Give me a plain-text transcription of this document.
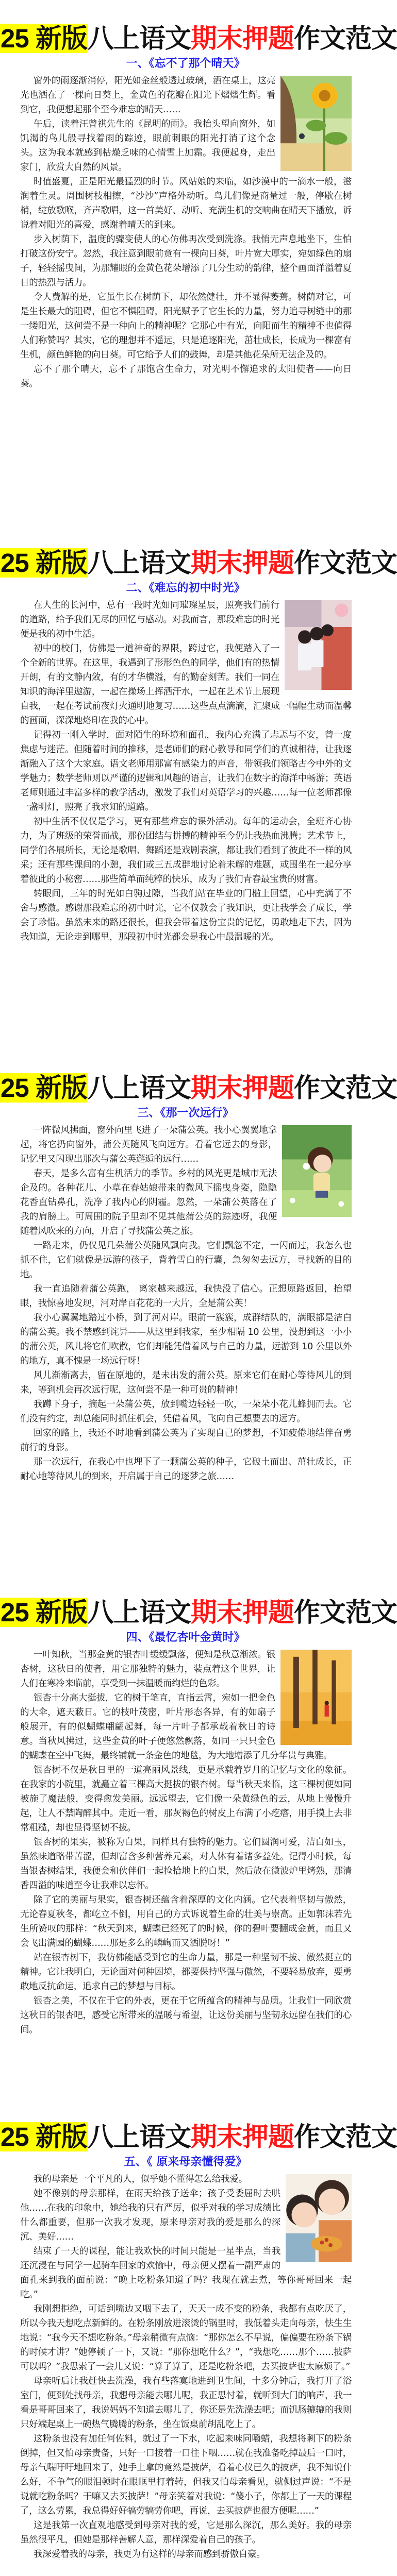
25 新版八上语文期末押题作文范文
一、《忘不了那个晴天》

窗外的雨逐渐消停，阳光如金丝般透过玻璃，洒在桌上，这亮光也洒在了一棵向日葵上，金黄色的花瓣在阳光下熠熠生辉。看到它，我便想起那个至今难忘的晴天……

午后，读着汪曾祺先生的《昆明的雨》。我抬头望向窗外，如饥渴的鸟儿般寻找着雨的踪迹，眼前刺眼的阳光打消了这个念头。这为我本就感到枯燥乏味的心情雪上加霜。我便起身，走出家门，欣赏大自然的风景。

时值盛夏，正是阳光最猛烈的时节。风姑娘的来临，如沙漠中的一滴水一般，滋润着生灵。周围树枝相擦，“沙沙”声格外动听。鸟儿们像是商量过一般，停歇在树梢，绽放歌喉，齐声歌唱，这一首美好、动听、充满生机的交响曲在晴天下播放，诉说着对阳光的喜爱，感谢着晴天的到来。

步入树荫下，温度的骤变使人的心仿佛再次受到洗涤。我悄无声息地坐下，生怕打破这份安宁。忽然，我注意到眼前竟有一棵向日葵，叶片宽大厚实，宛如绿色的扇子，轻轻摇曳间，为那耀眼的金黄色花朵增添了几分生动的韵律，整个画面洋溢着夏日的热烈与活力。

令人费解的是，它虽生长在树荫下，却依然健壮，并不显得萎蔫。树荫对它，可是生长最大的阻碍，但它不惧阻碍，阳光赋予了它生长的力量，努力追寻树缝中的那一缕阳光，这何尝不是一种向上的精神呢？它那心中有光，向阳而生的精神不也值得人们称赞吗？其实，它的理想并不遥远，只是追逐阳光，茁壮成长，长成为一棵富有生机，颜色鲜艳的向日葵。可它给予人们的鼓舞，却是其他花朵所无法企及的。

忘不了那个晴天，忘不了那饱含生命力，对光明不懈追求的太阳使者——向日葵。

25 新版八上语文期末押题作文范文
二、《难忘的初中时光》

在人生的长河中，总有一段时光如同璀璨星辰，照亮我们前行的道路，给予我们无尽的回忆与感动。对我而言，那段难忘的时光便是我的初中生活。

初中的校门，仿佛是一道神奇的界限，跨过它，我便踏入了一个全新的世界。在这里，我遇到了形形色色的同学，他们有的热情开朗，有的文静内敛，有的才华横溢，有的勤奋刻苦。我们一同在知识的海洋里遨游，一起在操场上挥洒汗水，一起在艺术节上展现自我，一起在考试前夜灯火通明地复习……这些点点滴滴，汇聚成一幅幅生动而温馨的画面，深深地烙印在我的心中。

记得初一刚入学时，面对陌生的环境和面孔，我内心充满了忐忑与不安，曾一度焦虑与迷茫。但随着时间的推移，是老师们的耐心教导和同学们的真诚相待，让我逐渐融入了这个大家庭。语文老师用那富有感染力的声音，带领我们领略古今中外的文学魅力；数学老师则以严谨的逻辑和风趣的语言，让我们在数字的海洋中畅游；英语老师则通过丰富多样的教学活动，激发了我们对英语学习的兴趣……每一位老师都像一盏明灯，照亮了我求知的道路。

初中生活不仅仅是学习，更有那些难忘的课外活动。每年的运动会，全班齐心协力，为了班级的荣誉而战，那份团结与拼搏的精神至今仍让我热血沸腾；艺术节上，同学们各展所长，无论是歌唱、舞蹈还是戏剧表演，都让我们看到了彼此不一样的风采；还有那些课间的小憩，我们或三五成群地讨论着未解的难题，或围坐在一起分享着彼此的小秘密……那些简单而纯粹的快乐，成为了我们青春最宝贵的财富。

转眼间，三年的时光如白驹过隙，当我们站在毕业的门槛上回望，心中充满了不舍与感激。感谢那段难忘的初中时光，它不仅教会了我知识，更让我学会了成长，学会了珍惜。虽然未来的路还很长，但我会带着这份宝贵的记忆，勇敢地走下去，因为我知道，无论走到哪里，那段初中时光都会是我心中最温暖的光。

25 新版八上语文期末押题作文范文
三、《那一次远行》

一阵微风拂面，窗外向里飞进了一朵蒲公英。我小心翼翼地拿起，将它扔向窗外，蒲公英随风飞向远方。看着它远去的身影，记忆里又闪现出那次与蒲公英邂逅的远行……

春天，是多么富有生机活力的季节。乡村的风光更是城市无法企及的。各种花儿、小草在春姑娘带来的微风下摇曳身姿，隐隐花香直钻鼻孔，洗净了我内心的阴霾。忽然，一朵蒲公英落在了我的肩膀上。可周围的院子里却不见其他蒲公英的踪迹呀，我便随着风吹来的方向，开启了寻找蒲公英之旅。

一路走来，仍仅见几朵蒲公英随风飘向我。它们飘忽不定，一闪而过，我怎么也抓不住，它们就像是远游的孩子，背着雪白的行囊，急匆匆去远方，寻找新的目的地。

我一直追随着蒲公英跑， 离家越来越远，我快没了信心。正想原路返回，抬望眼，我惊喜地发现，河对岸百花花的一大片，全是蒲公英！

我小心翼翼地踏过小桥，到了河对岸。眼前一簇簇，成群结队的，满眼都是洁白的蒲公英。我不禁感到诧异——从这里到我家，至少相隔 10 公里，没想到这一小小的蒲公英，风儿将它们吹散，它们却能凭借着风与自己的力量，远游到 10 公里以外的地方，真不愧是一场远行呀！

风儿渐渐离去，留在原地的，是未出发的蒲公英。原来它们在耐心等待风儿的到来，等到机会再次远行呢，这何尝不是一种可贵的精神！

我蹲下身子，摘起一朵蒲公英，放到嘴边轻轻一吹，一朵朵小花儿蜂拥而去。它们没有约定，却总能同时抓住机会，凭借着风，飞向自己想要去的远方。

回家的路上，我还不时地看到蒲公英为了实现自己的梦想，不知疲倦地结伴奋勇前行的身影。

那一次远行，在我心中也埋下了一颗蒲公英的种子，它破土而出、茁壮成长，正耐心地等待风儿的到来，开启属于自己的逐梦之旅……

25 新版八上语文期末押题作文范文
四、《最忆杏叶金黄时》

一叶知秋，当那金黄的银杏叶缓缓飘落，便知是秋意渐浓。银杏树，这秋日的使者，用它那独特的魅力，装点着这个世界，让人们在寒冷来临前，享受到一抹温暖而绚烂的色彩。

银杏十分高大挺拔，它的树干笔直，直指云霄，宛如一把金色的大伞，遮天蔽日。它的枝叶茂密，叶片形态各异，有的如扇子般展开，有的似蝴蝶翩翩起舞，每一片叶子都承载着秋日的诗意。当秋风拂过，这些金黄的叶子便悠然飘落，如同一只只金色的蝴蝶在空中飞舞，最终铺就一条金色的地毯，为大地增添了几分华贵与典雅。

银杏树不仅是秋日里的一道亮丽风景线，更是承载着岁月的记忆与文化的象征。在我家的小院里，就矗立着三棵高大挺拔的银杏树。每当秋天来临，这三棵树便如同被施了魔法般，变得愈发美丽。远远望去，它们像一朵黄绿色的云，从地上慢慢升起，让人不禁陶醉其中。走近一看，那灰褐色的树皮上布满了小疙瘩，用手摸上去非常粗糙，却也显得坚韧不拔。

银杏树的果实，被称为白果，同样具有独特的魅力。它们圆润可爱，洁白如玉，虽然味道略带苦涩，但却富含多种营养元素，对人体有着诸多益处。记得小时候，每当银杏树结果，我便会和伙伴们一起捡拾地上的白果，然后放在微波炉里烤熟，那清香四溢的味道至今让我难以忘怀。

除了它的美丽与果实，银杏树还蕴含着深厚的文化内涵。它代表着坚韧与傲然，无论春夏秋冬，都屹立不倒，用自己的方式诉说着生命的壮美与崇高。正如郭沫若先生所赞叹的那样：“秋天到来，蝴蝶已经死了的时候，你的碧叶要翻成金黄，而且又会飞出满园的蝴蝶……那是多么的嶙峋而又洒脱呀！”

站在银杏树下，我仿佛能感受到它的生命力量，那是一种坚韧不拔、傲然挺立的精神。它让我明白，无论面对何种困境，都要保持坚强与傲然，不要轻易放弃，要勇敢地反抗命运，追求自己的梦想与目标。

银杏之美，不仅在于它的外表，更在于它所蕴含的精神与品质。让我们一同欣赏这秋日的银杏吧，感受它所带来的温暖与希望，让这份美丽与坚韧永远留在我们的心间。

25 新版八上语文期末押题作文范文
五、《 原来母亲懂得爱》

我的母亲是一个平凡的人，似乎她不懂得怎么给我爱。

她不像别的母亲那样，在雨天给孩子送伞；孩子受委屈时去哄他……在我的印象中，她给我的只有严厉，似乎对我的学习成绩比什么都重要，但那一次我才发现，原来母亲对我的爱是那么的深沉、美好……

结束了一天的课程，能让我欢快的时间只能是一星半点，当我还沉浸在与同学一起骑车回家的欢愉中，母亲便又摆着一副严肃的面孔来到我的面前说：“晚上吃粉条知道了吗？我现在就去煮，等你哥哥回来一起吃。”

我刚想拒绝，可话到嘴边又咽下去了，天天一成不变的粉条，我都有点吃厌了，所以今我天想吃点新鲜的。在粉条刚放进滚烫的锅里时，我低着头走向母亲，怯生生地说：“我今天不想吃粉条。”母亲稍微有点恼：“那你怎么不早说，偏偏要在粉条下锅的时候才讲？”她停顿了一下，又说：“那你想吃什么？”，“我想吃……那个……披萨可以吗？”我思索了一会儿又说：“算了算了，还是吃粉条吧，去买披萨也太麻烦了。”

母亲听后让我赶快去洗澡，我有些落寞地进到卫生间，十多分钟后，我打开了浴室门，便到处找母亲，我想母亲能去哪儿呢，我正思忖着，就听到大门的响声，我一看是哥哥回来了，我说妈妈不知道去哪儿了，你还是先洗澡去吧；而饥肠辘辘的我则只好端起桌上一碗热气腾腾的粉条，坐在饭桌前胡乱吃上了。

这粉条也没有加任何佐料，就过了一下水，吃起来味同嚼蜡，我想将剩下的粉条倒掉，但又怕母亲责备，只好一口接着一口往下咽……就在我准备吃掉最后一口时，母亲气喘吁吁地回来了，她手上拿的竟然是披萨，看着心仪已久的披萨，我不知说什么好，不争气的眼泪顿时在眼眶里打着转，但我又怕母亲看见，就侧过声说：“不是说就吃粉条吗？干嘛又去买披萨！”母亲笑着对我说：“傻小子，你都上了一天的课程了，这么劳累，我总得好好犒劳犒劳你吧，再说，去买披萨也很方便呢……”

这是我第一次直观地感受到母亲对我的爱，它是那么深沉，那么美好。我的母亲虽然很平凡，但她是那样善解人意，那样深爱着自己的孩子。

我深爱着我的母亲，我更为有这样的母亲而感到骄傲自豪。
